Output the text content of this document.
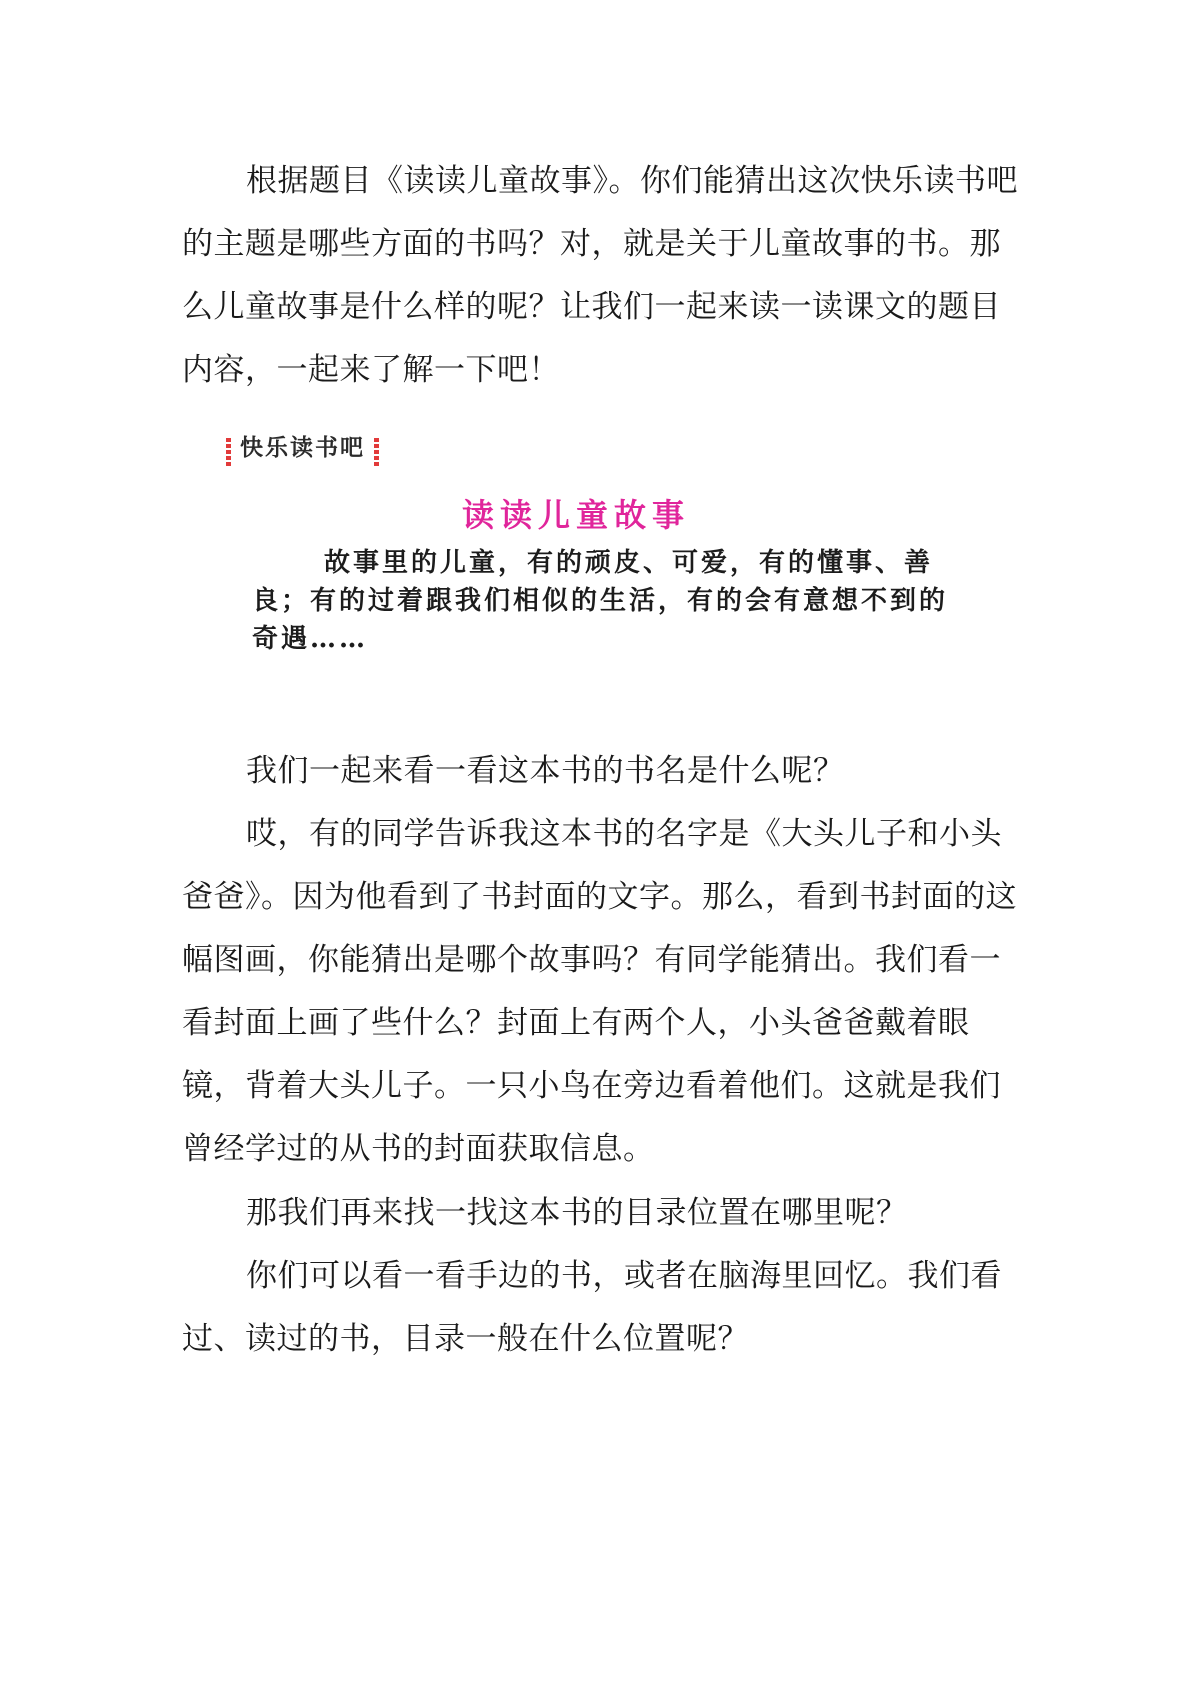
根据题目《读读儿童故事》。你们能猜出这次快乐读书吧的主题是哪些方面的书吗？对，就是关于儿童故事的书。那么儿童故事是什么样的呢？让我们一起来读一读课文的题目内容，一起来了解一下吧！

快乐读书吧
读读儿童故事

故事里的儿童，有的顽皮、可爱，有的懂事、善良；有的过着跟我们相似的生活，有的会有意想不到的奇遇……

我们一起来看一看这本书的书名是什么呢？

哎，有的同学告诉我这本书的名字是《大头儿子和小头爸爸》。因为他看到了书封面的文字。那么，看到书封面的这幅图画，你能猜出是哪个故事吗？有同学能猜出。我们看一看封面上画了些什么？封面上有两个人，小头爸爸戴着眼镜，背着大头儿子。一只小鸟在旁边看着他们。这就是我们曾经学过的从书的封面获取信息。

那我们再来找一找这本书的目录位置在哪里呢？

你们可以看一看手边的书，或者在脑海里回忆。我们看过、读过的书，目录一般在什么位置呢？
